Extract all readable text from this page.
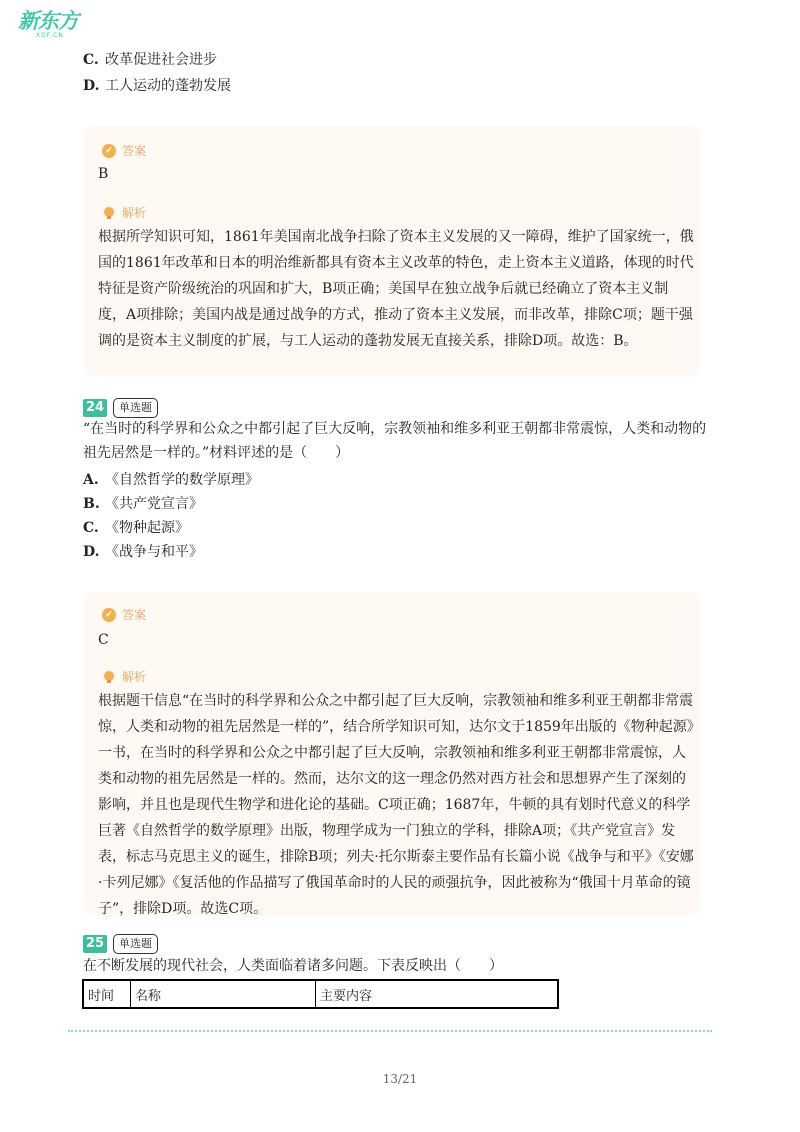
新东方
XDF.CN
C. 改革促进社会进步
D. 工人运动的蓬勃发展
✔ 答案
B
解析

根据所学知识可知，1861年美国南北战争扫除了资本主义发展的又一障碍，维护了国家统一，俄国的1861年改革和日本的明治维新都具有资本主义改革的特色，走上资本主义道路，体现的时代特征是资产阶级统治的巩固和扩大，B项正确；美国早在独立战争后就已经确立了资本主义制度，A项排除；美国内战是通过战争的方式，推动了资本主义发展，而非改革，排除C项；题干强调的是资本主义制度的扩展，与工人运动的蓬勃发展无直接关系，排除D项。故选：B。

24	单选题

“在当时的科学界和公众之中都引起了巨大反响，宗教领袖和维多利亚王朝都非常震惊，人类和动物的祖先居然是一样的。”材料评述的是（　　）

A. 《自然哲学的数学原理》
B. 《共产党宣言》
C. 《物种起源》
D. 《战争与和平》
✔ 答案
C
解析

根据题干信息“在当时的科学界和公众之中都引起了巨大反响，宗教领袖和维多利亚王朝都非常震惊，人类和动物的祖先居然是一样的”，结合所学知识可知，达尔文于1859年出版的《物种起源》一书，在当时的科学界和公众之中都引起了巨大反响，宗教领袖和维多利亚王朝都非常震惊，人类和动物的祖先居然是一样的。然而，达尔文的这一理念仍然对西方社会和思想界产生了深刻的影响，并且也是现代生物学和进化论的基础。C项正确；1687年，牛顿的具有划时代意义的科学巨著《自然哲学的数学原理》出版，物理学成为一门独立的学科，排除A项；《共产党宣言》发表，标志马克思主义的诞生，排除B项；列夫·托尔斯泰主要作品有长篇小说《战争与和平》《安娜·卡列尼娜》《复活他的作品描写了俄国革命时的人民的顽强抗争，因此被称为“俄国十月革命的镜子”，排除D项。故选C项。

25	单选题

在不断发展的现代社会，人类面临着诸多问题。下表反映出（　　）

时间	名称	主要内容
13/21
